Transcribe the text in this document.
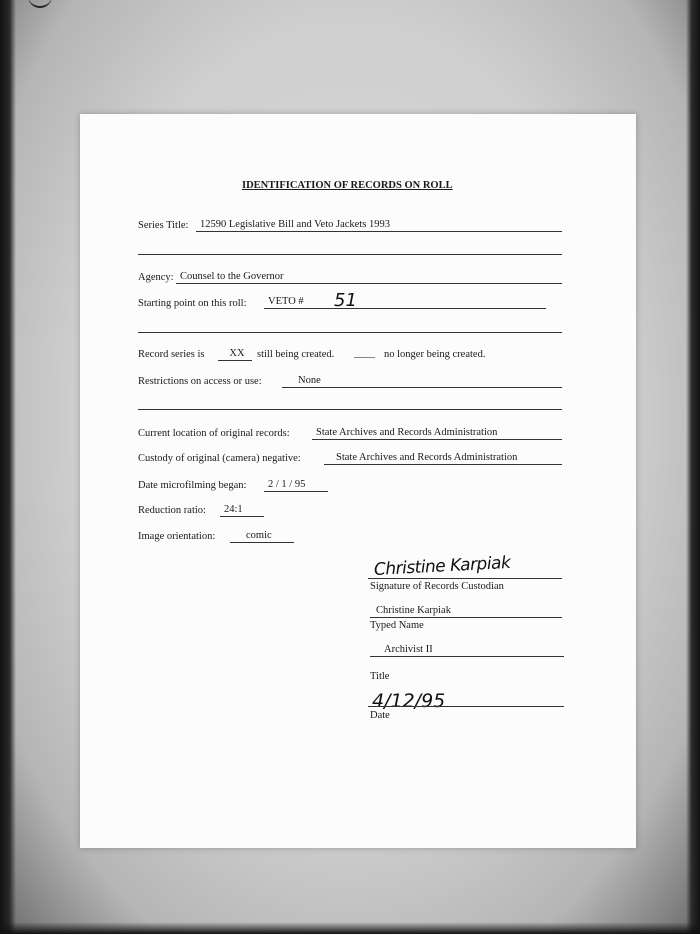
IDENTIFICATION OF RECORDS ON ROLL
Series Title:	12590 Legislative Bill and Veto Jackets 1993
Agency: Counsel to the Governor
Starting point on this roll:	VETO #	51
Record series is	XX	still being created. ____ no longer being created.
Restrictions on access or use:	None
Current location of original records:	State Archives and Records Administration
Custody of original (camera) negative:	State Archives and Records Administration
Date microfilming began:	2 / 1 / 95
Reduction ratio:	24:1
Image orientation:	comic
Christine Karpiak
Signature of Records Custodian
Christine Karpiak
Typed Name
Archivist II
Title
4/12/95
Date
